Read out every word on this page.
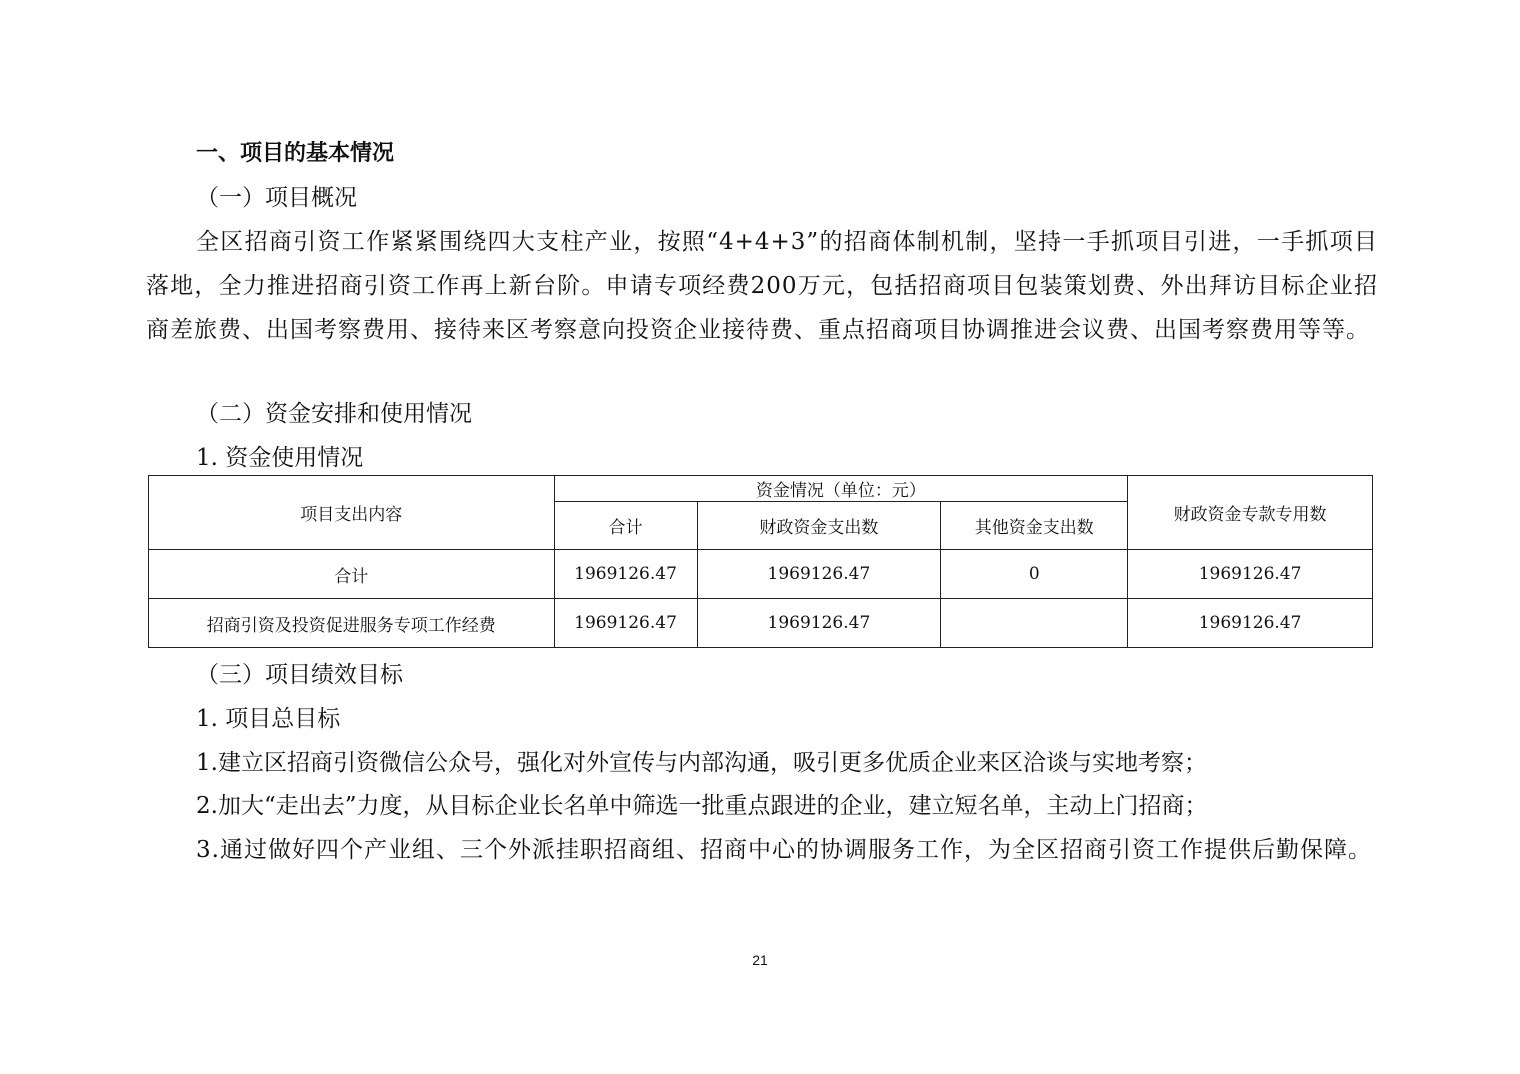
一、项目的基本情况

（一）项目概况

全区招商引资工作紧紧围绕四大支柱产业，按照“4+4+3”的招商体制机制，坚持一手抓项目引进，一手抓项目落地，全力推进招商引资工作再上新台阶。申请专项经费200万元，包括招商项目包装策划费、外出拜访目标企业招商差旅费、出国考察费用、接待来区考察意向投资企业接待费、重点招商项目协调推进会议费、出国考察费用等等。

（二）资金安排和使用情况

1. 资金使用情况

项目支出内容	资金情况（单位：元）			财政资金专款专用数
	合计	财政资金支出数	其他资金支出数	
合计	1969126.47	1969126.47	0	1969126.47
招商引资及投资促进服务专项工作经费	1969126.47	1969126.47		1969126.47

（三）项目绩效目标

1. 项目总目标

1.建立区招商引资微信公众号，强化对外宣传与内部沟通，吸引更多优质企业来区洽谈与实地考察；

2.加大“走出去”力度，从目标企业长名单中筛选一批重点跟进的企业，建立短名单，主动上门招商；

3.通过做好四个产业组、三个外派挂职招商组、招商中心的协调服务工作，为全区招商引资工作提供后勤保障。

21
